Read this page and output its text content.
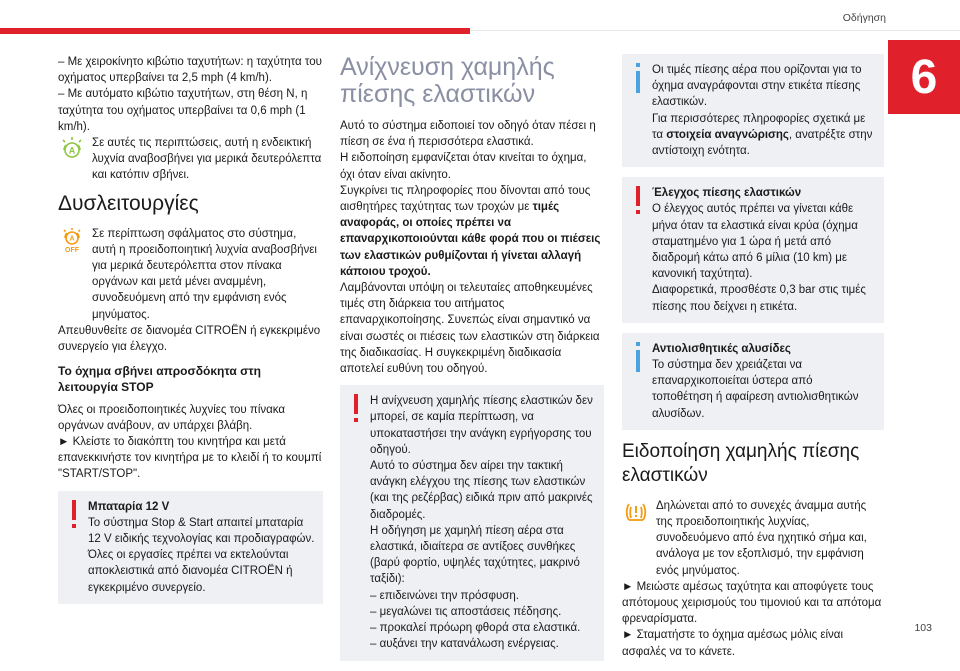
Οδήγηση
6
103

– Με χειροκίνητο κιβώτιο ταχυτήτων: η ταχύτητα του οχήματος υπερβαίνει τα 2,5 mph (4 km/h).

– Με αυτόματο κιβώτιο ταχυτήτων, στη θέση N, η ταχύτητα του οχήματος υπερβαίνει τα 0,6 mph (1 km/h).

A

Σε αυτές τις περιπτώσεις, αυτή η ενδεικτική λυχνία αναβοσβήνει για μερικά δευτερόλεπτα και κατόπιν σβήνει.

Δυσλειτουργίες

A
OFF

Σε περίπτωση σφάλματος στο σύστημα, αυτή η προειδοποιητική λυχνία αναβοσβήνει για μερικά δευτερόλεπτα στον πίνακα οργάνων και μετά μένει αναμμένη, συνοδευόμενη από την εμφάνιση ενός μηνύματος.

Απευθυνθείτε σε διανομέα CITROËN ή εγκεκριμένο συνεργείο για έλεγχο.

Το όχημα σβήνει απροσδόκητα στη λειτουργία STOP

Όλες οι προειδοποιητικές λυχνίες του πίνακα οργάνων ανάβουν, αν υπάρχει βλάβη.

► Κλείστε το διακόπτη του κινητήρα και μετά επανεκκινήστε τον κινητήρα με το κλειδί ή το κουμπί "START/STOP".

Μπαταρία 12 V

Το σύστημα Stop & Start απαιτεί μπαταρία 12 V ειδικής τεχνολογίας και προδιαγραφών. Όλες οι εργασίες πρέπει να εκτελούνται αποκλειστικά από διανομέα CITROËN ή εγκεκριμένο συνεργείο.

Ανίχνευση χαμηλής πίεσης ελαστικών

Αυτό το σύστημα ειδοποιεί τον οδηγό όταν πέσει η πίεση σε ένα ή περισσότερα ελαστικά.

Η ειδοποίηση εμφανίζεται όταν κινείται το όχημα, όχι όταν είναι ακίνητο.

Συγκρίνει τις πληροφορίες που δίνονται από τους αισθητήρες ταχύτητας των τροχών με τιμές αναφοράς, οι οποίες πρέπει να επαναρχικοποιούνται κάθε φορά που οι πιέσεις των ελαστικών ρυθμίζονται ή γίνεται αλλαγή κάποιου τροχού.

Λαμβάνονται υπόψη οι τελευταίες αποθηκευμένες τιμές στη διάρκεια του αιτήματος επαναρχικοποίησης. Συνεπώς είναι σημαντικό να είναι σωστές οι πιέσεις των ελαστικών στη διάρκεια της διαδικασίας. Η συγκεκριμένη διαδικασία αποτελεί ευθύνη του οδηγού.

Η ανίχνευση χαμηλής πίεσης ελαστικών δεν μπορεί, σε καμία περίπτωση, να υποκαταστήσει την ανάγκη εγρήγορσης του οδηγού.

Αυτό το σύστημα δεν αίρει την τακτική ανάγκη ελέγχου της πίεσης των ελαστικών (και της ρεζέρβας) ειδικά πριν από μακρινές διαδρομές.

Η οδήγηση με χαμηλή πίεση αέρα στα ελαστικά, ιδιαίτερα σε αντίξοες συνθήκες (βαρύ φορτίο, υψηλές ταχύτητες, μακρινό ταξίδι):

– επιδεινώνει την πρόσφυση.

– μεγαλώνει τις αποστάσεις πέδησης.

– προκαλεί πρόωρη φθορά στα ελαστικά.

– αυξάνει την κατανάλωση ενέργειας.

Οι τιμές πίεσης αέρα που ορίζονται για το όχημα αναγράφονται στην ετικέτα πίεσης ελαστικών.

Για περισσότερες πληροφορίες σχετικά με τα στοιχεία αναγνώρισης, ανατρέξτε στην αντίστοιχη ενότητα.

Έλεγχος πίεσης ελαστικών

Ο έλεγχος αυτός πρέπει να γίνεται κάθε μήνα όταν τα ελαστικά είναι κρύα (όχημα σταματημένο για 1 ώρα ή μετά από διαδρομή κάτω από 6 μίλια (10 km) με κανονική ταχύτητα).

Διαφορετικά, προσθέστε 0,3 bar στις τιμές πίεσης που δείχνει η ετικέτα.

Αντιολισθητικές αλυσίδες

Το σύστημα δεν χρειάζεται να επαναρχικοποιείται ύστερα από τοποθέτηση ή αφαίρεση αντιολισθητικών αλυσίδων.

Ειδοποίηση χαμηλής πίεσης ελαστικών

Δηλώνεται από το συνεχές άναμμα αυτής της προειδοποιητικής λυχνίας, συνοδευόμενο από ένα ηχητικό σήμα και, ανάλογα με τον εξοπλισμό, την εμφάνιση ενός μηνύματος.

► Μειώστε αμέσως ταχύτητα και αποφύγετε τους απότομους χειρισμούς του τιμονιού και τα απότομα φρεναρίσματα.

► Σταματήστε το όχημα αμέσως μόλις είναι ασφαλές να το κάνετε.
